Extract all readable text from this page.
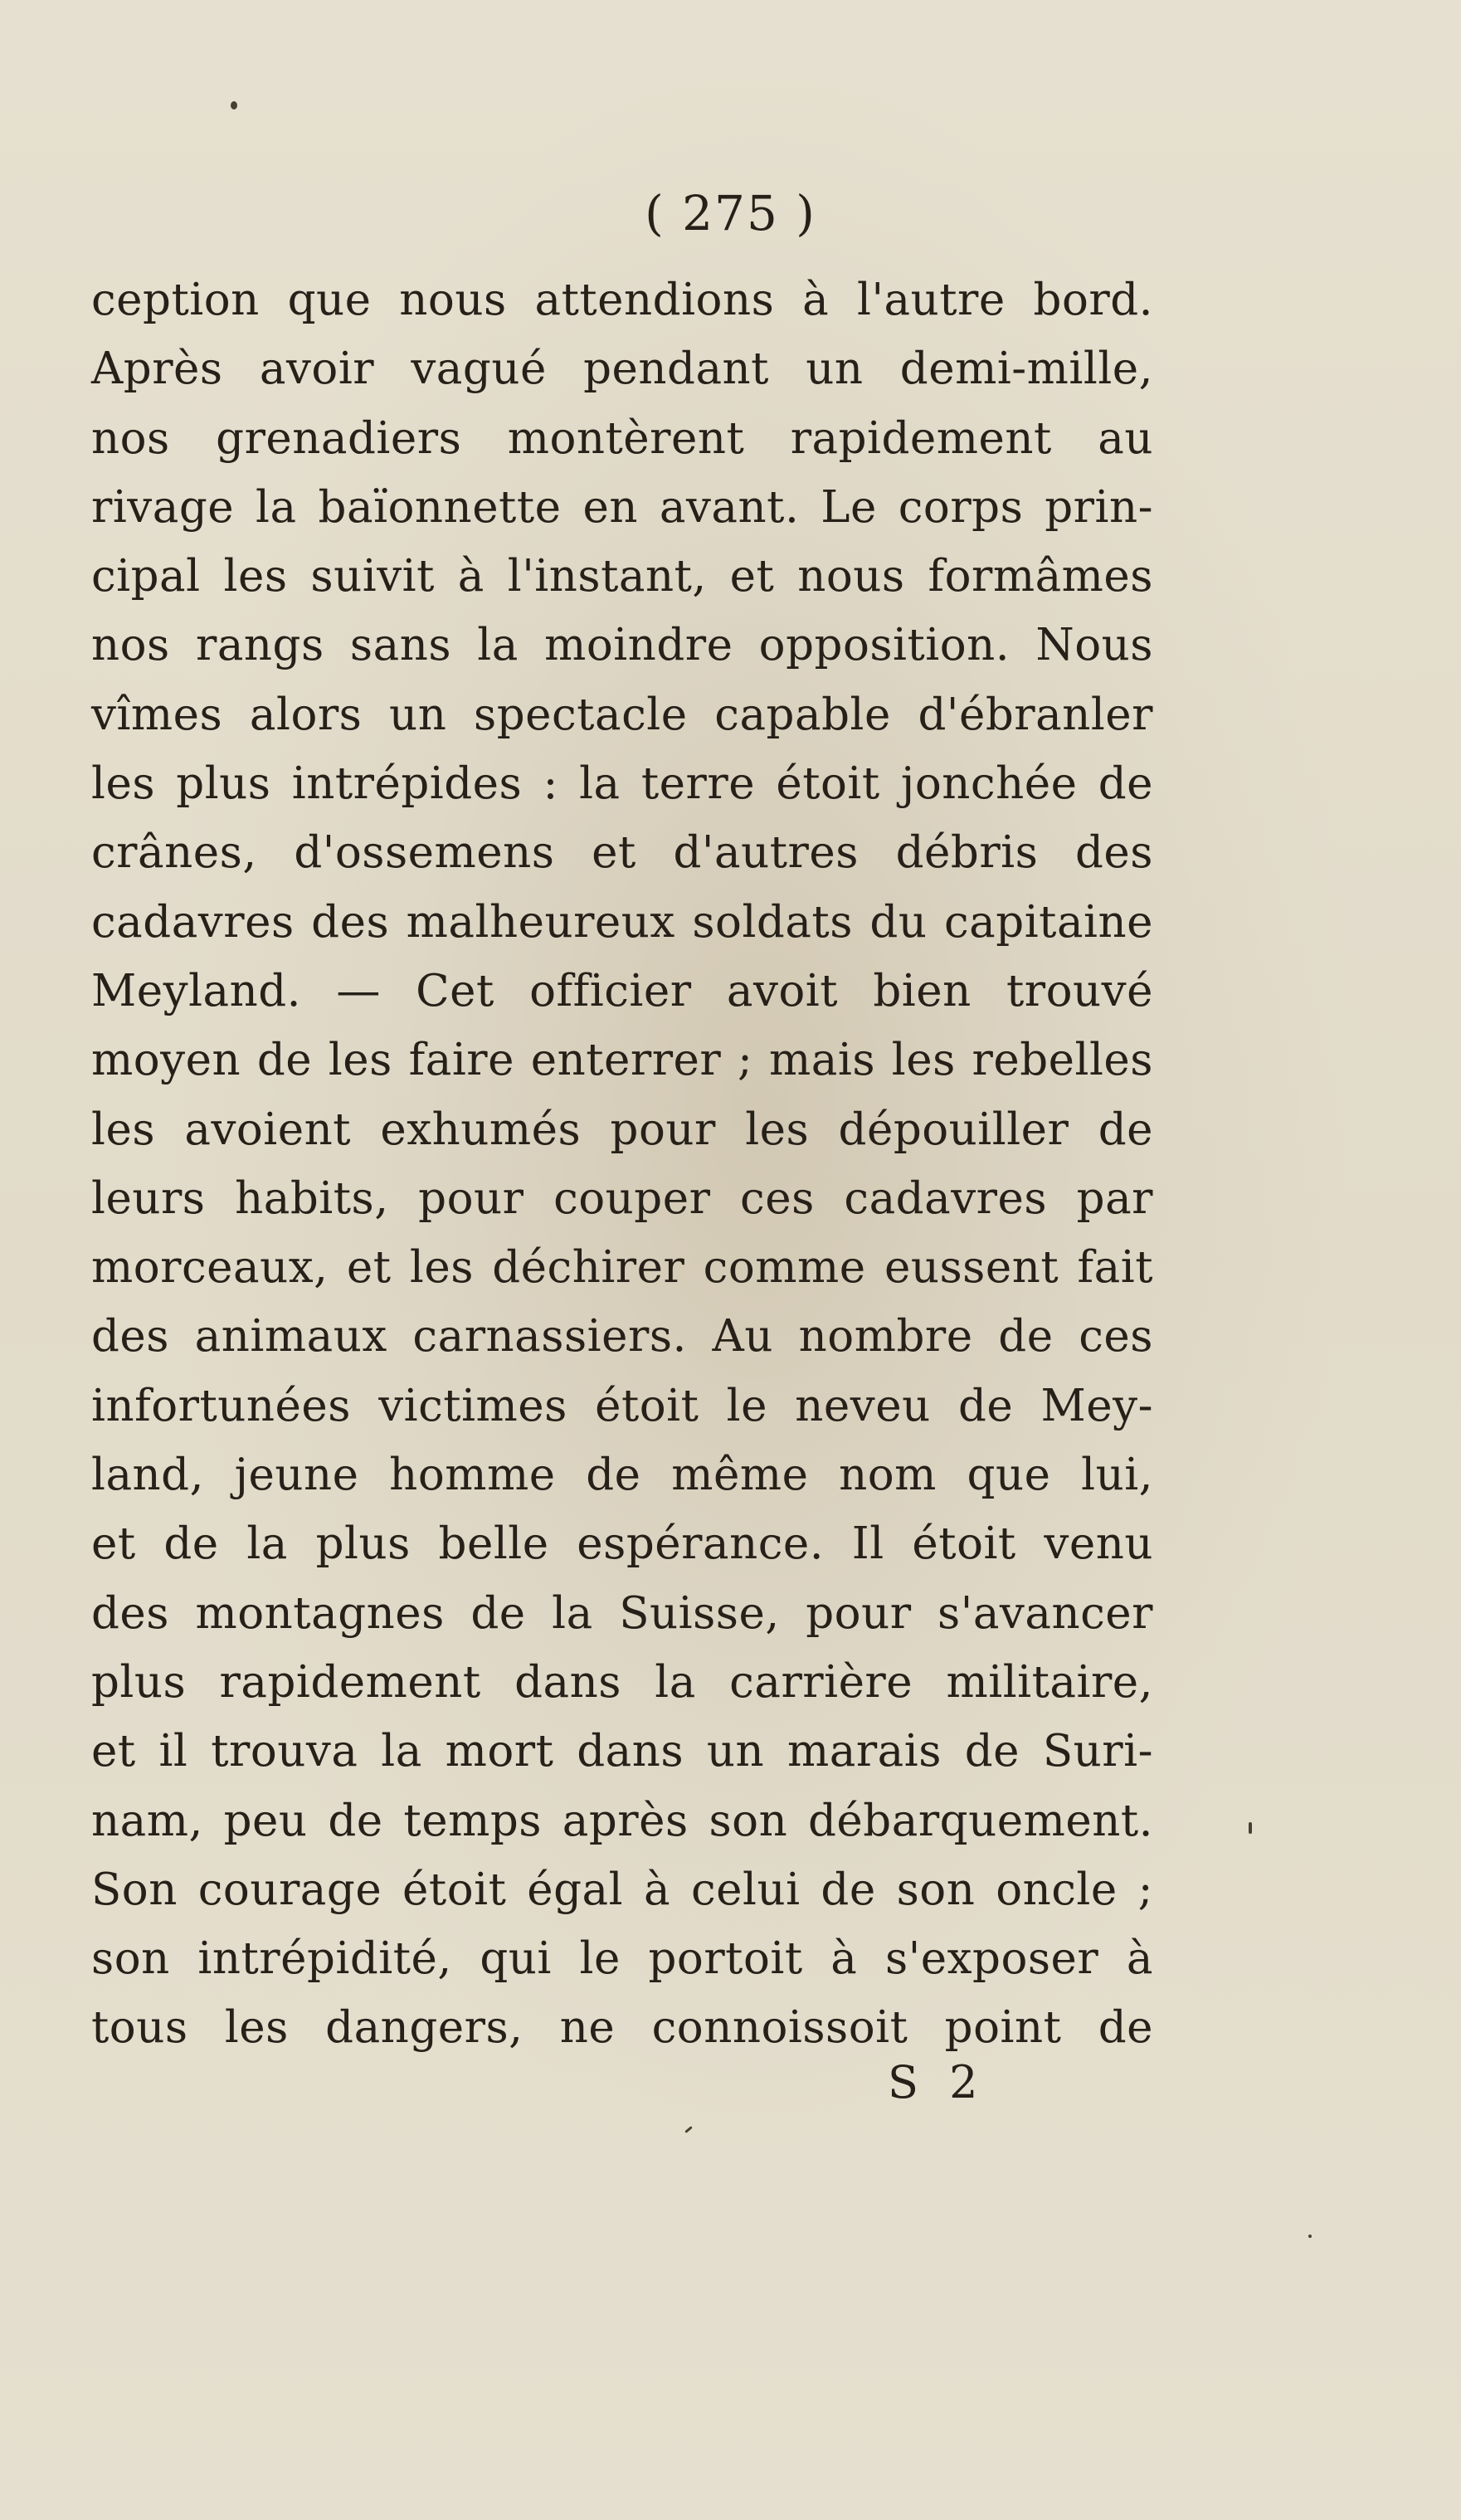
( 275 )
ception que nous attendions à l'autre bord.
Après avoir vagué pendant un demi-mille,
nos grenadiers montèrent rapidement au
rivage la baïonnette en avant. Le corps prin-
cipal les suivit à l'instant, et nous formâmes
nos rangs sans la moindre opposition. Nous
vîmes alors un spectacle capable d'ébranler
les plus intrépides : la terre étoit jonchée de
crânes, d'ossemens et d'autres débris des
cadavres des malheureux soldats du capitaine
Meyland. — Cet officier avoit bien trouvé
moyen de les faire enterrer ; mais les rebelles
les avoient exhumés pour les dépouiller de
leurs habits, pour couper ces cadavres par
morceaux, et les déchirer comme eussent fait
des animaux carnassiers. Au nombre de ces
infortunées victimes étoit le neveu de Mey-
land, jeune homme de même nom que lui,
et de la plus belle espérance. Il étoit venu
des montagnes de la Suisse, pour s'avancer
plus rapidement dans la carrière militaire,
et il trouva la mort dans un marais de Suri-
nam, peu de temps après son débarquement.
Son courage étoit égal à celui de son oncle ;
son intrépidité, qui le portoit à s'exposer à
tous les dangers, ne connoissoit point de
S 2
